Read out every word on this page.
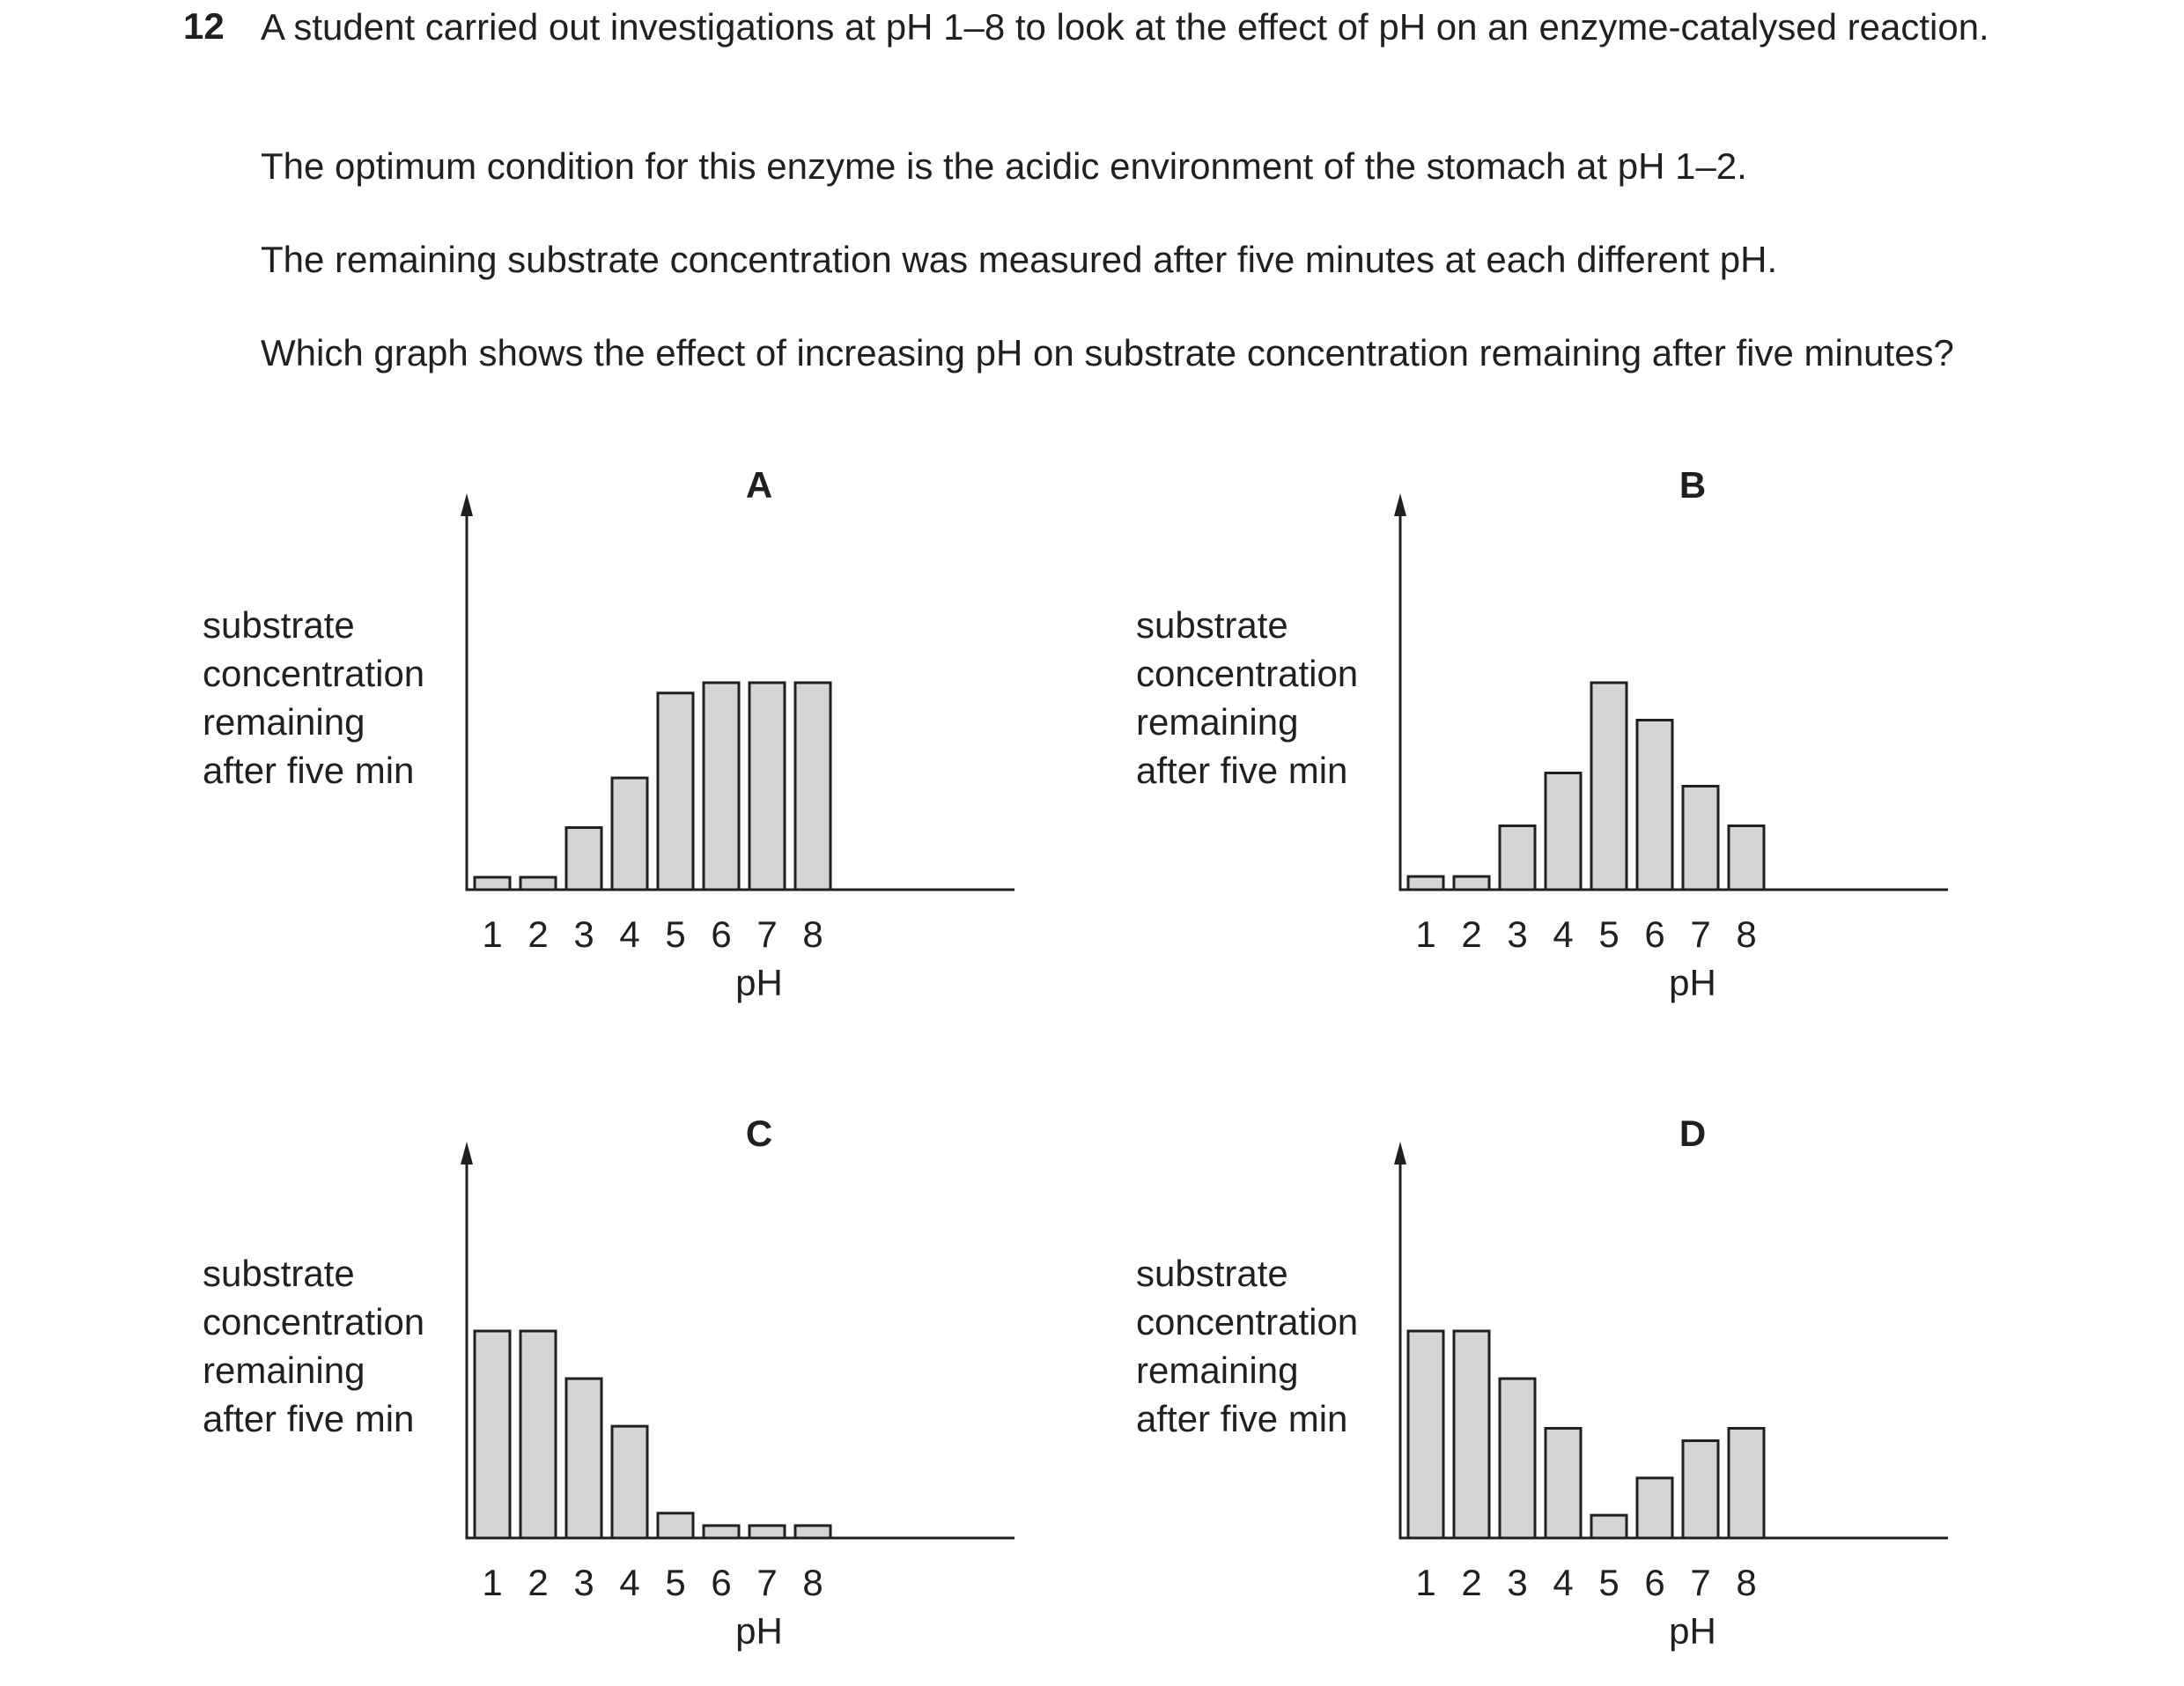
12 A student carried out investigations at pH 1–8 to look at the effect of pH on an enzyme-catalysed reaction.

The optimum condition for this enzyme is the acidic environment of the stomach at pH 1–2.

The remaining substrate concentration was measured after five minutes at each different pH.

Which graph shows the effect of increasing pH on substrate concentration remaining after five minutes?

substrate
concentration
remaining
after five min
A
pH
1 2 3 4 5 6 7 8
substrate
concentration
remaining
after five min
B
pH
1 2 3 4 5 6 7 8
substrate
concentration
remaining
after five min
C
pH
1 2 3 4 5 6 7 8
substrate
concentration
remaining
after five min
D
pH
1 2 3 4 5 6 7 8
